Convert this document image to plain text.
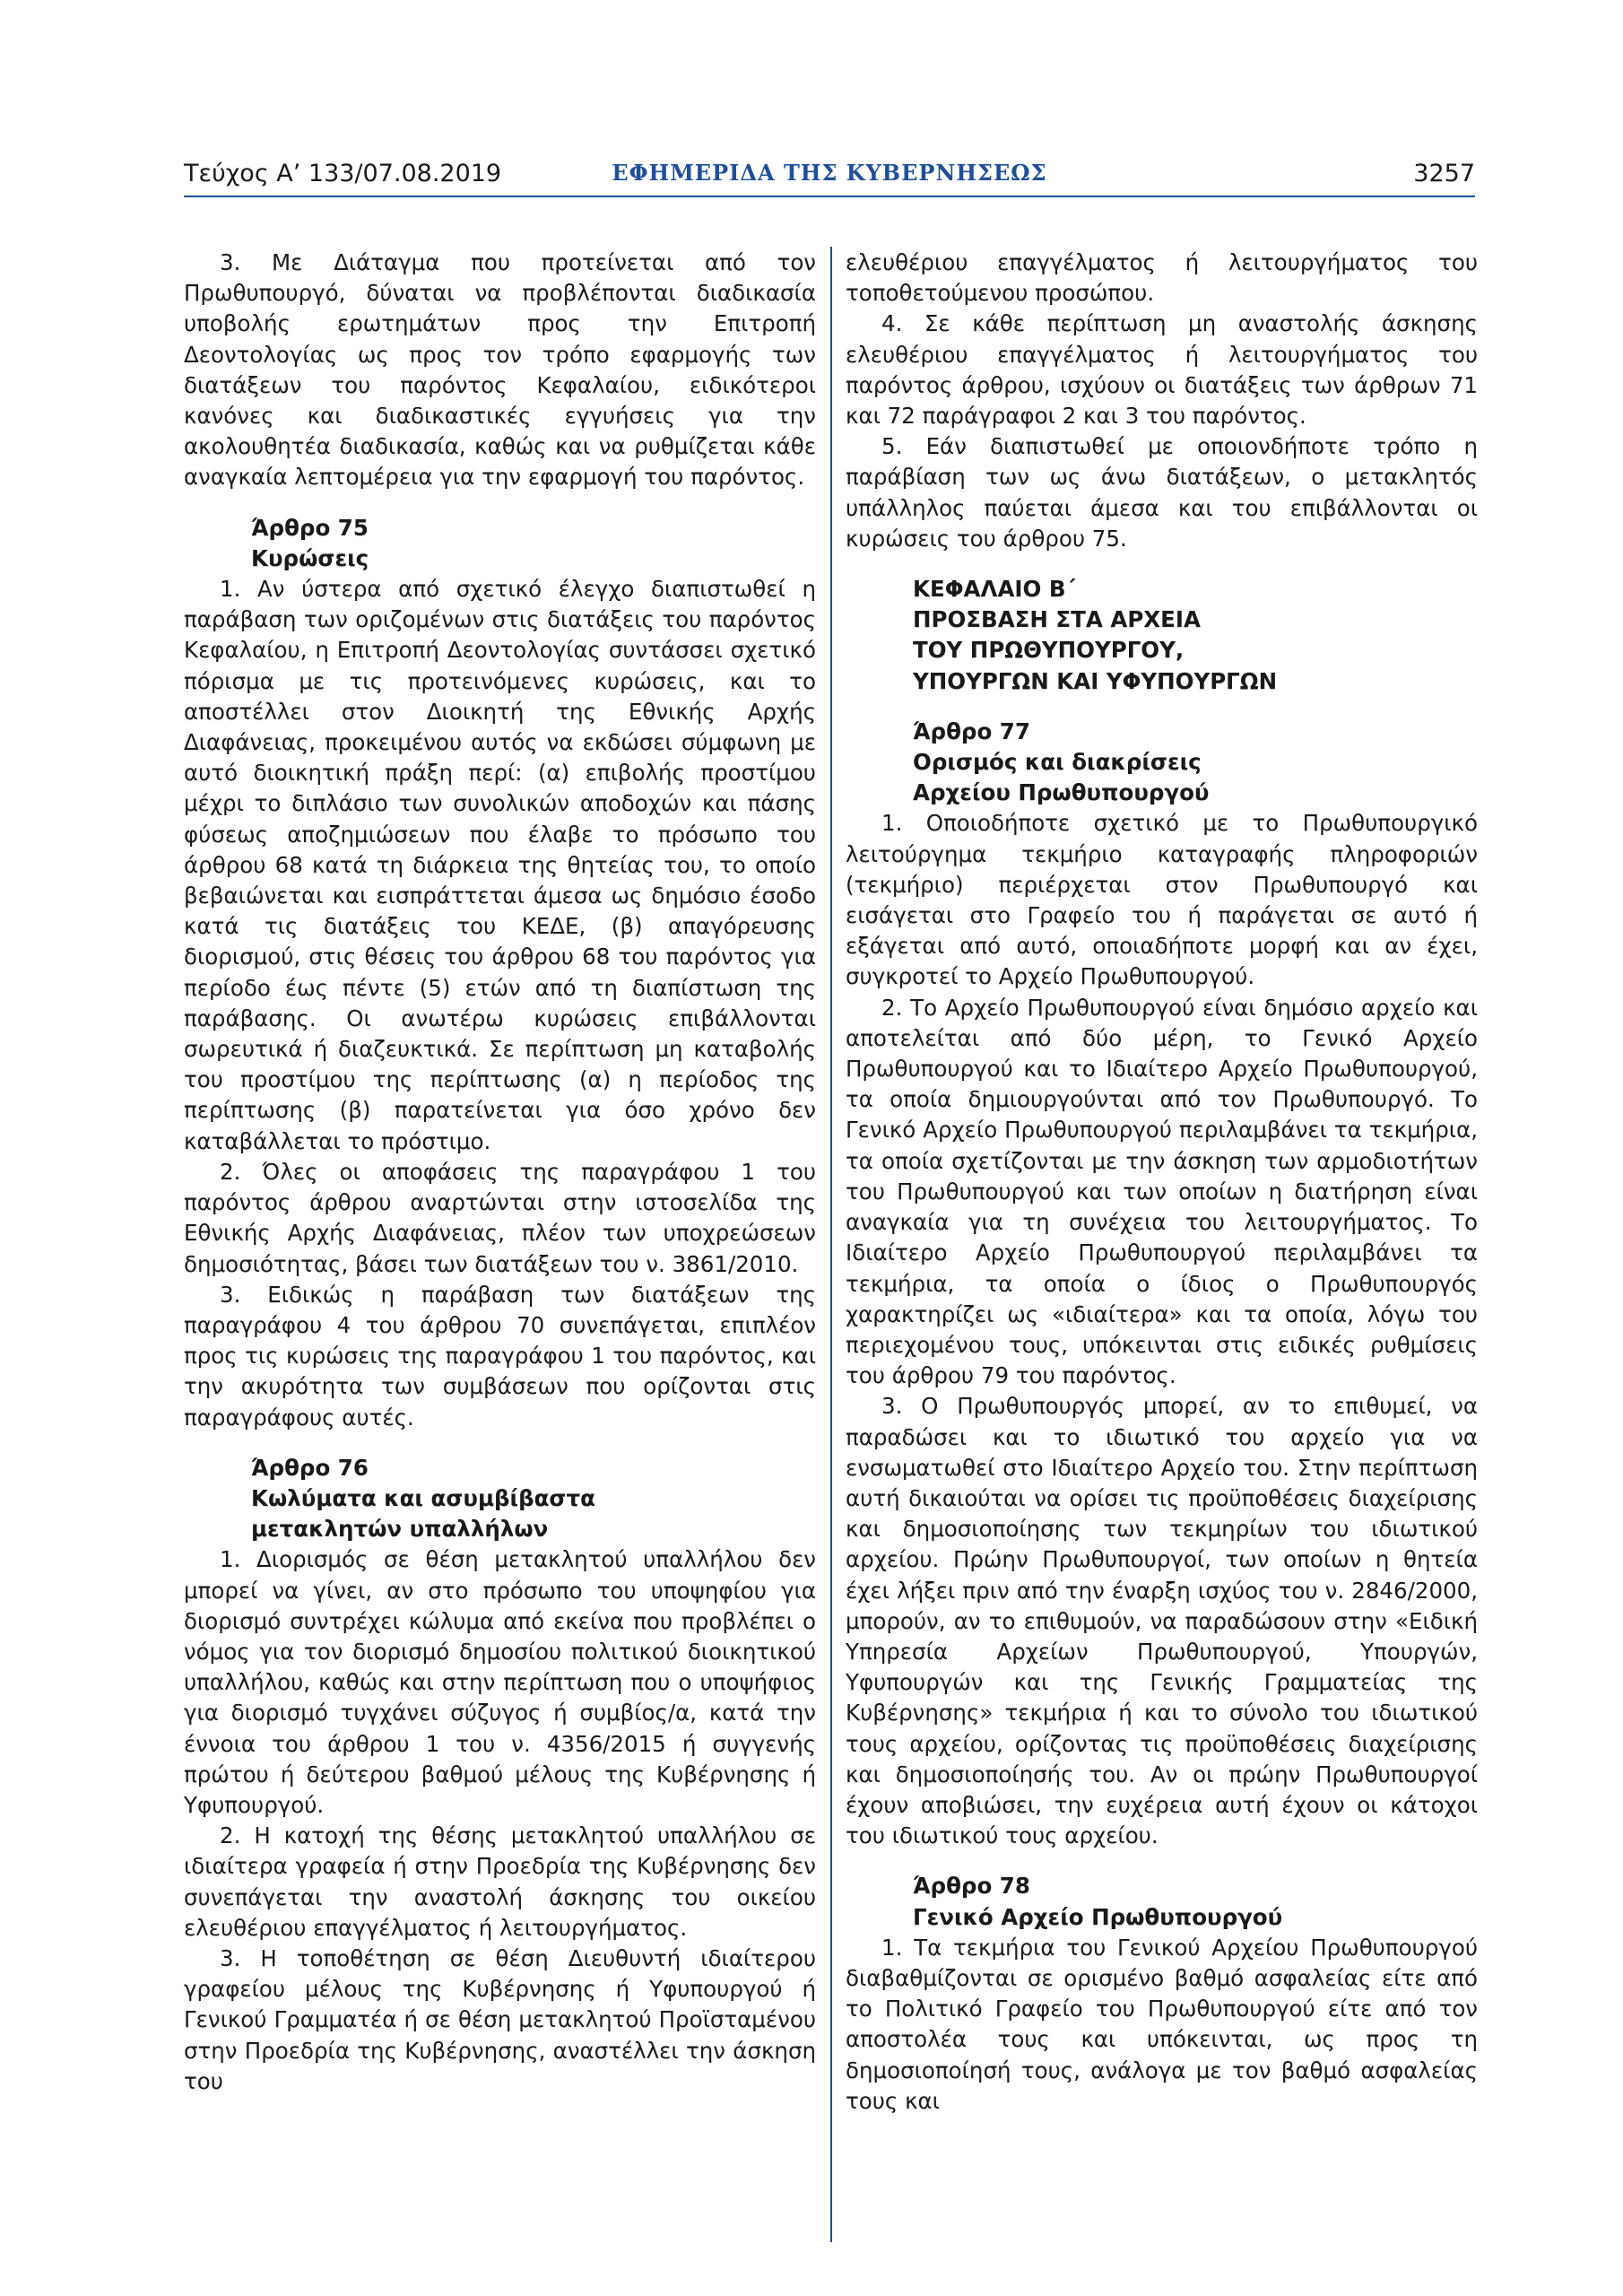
Τεύχος Α’ 133/07.08.2019	ΕΦΗΜΕΡΙΔΑ ΤΗΣ ΚΥΒΕΡΝΗΣΕΩΣ	3257

3. Με Διάταγμα που προτείνεται από τον Πρωθυπουργό, δύναται να προβλέπονται διαδικασία υποβολής ερωτημάτων προς την Επιτροπή Δεοντολογίας ως προς τον τρόπο εφαρμογής των διατάξεων του παρόντος Κεφαλαίου, ειδικότεροι κανόνες και διαδικαστικές εγγυήσεις για την ακολουθητέα διαδικασία, καθώς και να ρυθμίζεται κάθε αναγκαία λεπτομέρεια για την εφαρμογή του παρόντος.

Άρθρο 75
Κυρώσεις

1. Αν ύστερα από σχετικό έλεγχο διαπιστωθεί η παράβαση των οριζομένων στις διατάξεις του παρόντος Κεφαλαίου, η Επιτροπή Δεοντολογίας συντάσσει σχετικό πόρισμα με τις προτεινόμενες κυρώσεις, και το αποστέλλει στον Διοικητή της Εθνικής Αρχής Διαφάνειας, προκειμένου αυτός να εκδώσει σύμφωνη με αυτό διοικητική πράξη περί: (α) επιβολής προστίμου μέχρι το διπλάσιο των συνολικών αποδοχών και πάσης φύσεως αποζημιώσεων που έλαβε το πρόσωπο του άρθρου 68 κατά τη διάρκεια της θητείας του, το οποίο βεβαιώνεται και εισπράττεται άμεσα ως δημόσιο έσοδο κατά τις διατάξεις του ΚΕΔΕ, (β) απαγόρευσης διορισμού, στις θέσεις του άρθρου 68 του παρόντος για περίοδο έως πέντε (5) ετών από τη διαπίστωση της παράβασης. Οι ανωτέρω κυρώσεις επιβάλλονται σωρευτικά ή διαζευκτικά. Σε περίπτωση μη καταβολής του προστίμου της περίπτωσης (α) η περίοδος της περίπτωσης (β) παρατείνεται για όσο χρόνο δεν καταβάλλεται το πρόστιμο.

2. Όλες οι αποφάσεις της παραγράφου 1 του παρόντος άρθρου αναρτώνται στην ιστοσελίδα της Εθνικής Αρχής Διαφάνειας, πλέον των υποχρεώσεων δημοσιότητας, βάσει των διατάξεων του ν. 3861/2010.

3. Ειδικώς η παράβαση των διατάξεων της παραγράφου 4 του άρθρου 70 συνεπάγεται, επιπλέον προς τις κυρώσεις της παραγράφου 1 του παρόντος, και την ακυρότητα των συμβάσεων που ορίζονται στις παραγράφους αυτές.

Άρθρο 76
Κωλύματα και ασυμβίβαστα
μετακλητών υπαλλήλων

1. Διορισμός σε θέση μετακλητού υπαλλήλου δεν μπορεί να γίνει, αν στο πρόσωπο του υποψηφίου για διορισμό συντρέχει κώλυμα από εκείνα που προβλέπει ο νόμος για τον διορισμό δημοσίου πολιτικού διοικητικού υπαλλήλου, καθώς και στην περίπτωση που ο υποψήφιος για διορισμό τυγχάνει σύζυγος ή συμβίος/α, κατά την έννοια του άρθρου 1 του ν. 4356/2015 ή συγγενής πρώτου ή δεύτερου βαθμού μέλους της Κυβέρνησης ή Υφυπουργού.

2. Η κατοχή της θέσης μετακλητού υπαλλήλου σε ιδιαίτερα γραφεία ή στην Προεδρία της Κυβέρνησης δεν συνεπάγεται την αναστολή άσκησης του οικείου ελευθέριου επαγγέλματος ή λειτουργήματος.

3. Η τοποθέτηση σε θέση Διευθυντή ιδιαίτερου γραφείου μέλους της Κυβέρνησης ή Υφυπουργού ή Γενικού Γραμματέα ή σε θέση μετακλητού Προϊσταμένου στην Προεδρία της Κυβέρνησης, αναστέλλει την άσκηση του

ελευθέριου επαγγέλματος ή λειτουργήματος του τοποθετούμενου προσώπου.

4. Σε κάθε περίπτωση μη αναστολής άσκησης ελευθέριου επαγγέλματος ή λειτουργήματος του παρόντος άρθρου, ισχύουν οι διατάξεις των άρθρων 71 και 72 παράγραφοι 2 και 3 του παρόντος.

5. Εάν διαπιστωθεί με οποιονδήποτε τρόπο η παράβίαση των ως άνω διατάξεων, ο μετακλητός υπάλληλος παύεται άμεσα και του επιβάλλονται οι κυρώσεις του άρθρου 75.

ΚΕΦΑΛΑΙΟ Β΄
ΠΡΟΣΒΑΣΗ ΣΤΑ ΑΡΧΕΙΑ
ΤΟΥ ΠΡΩΘΥΠΟΥΡΓΟΥ,
ΥΠΟΥΡΓΩΝ ΚΑΙ ΥΦΥΠΟΥΡΓΩΝ
Άρθρο 77
Ορισμός και διακρίσεις
Αρχείου Πρωθυπουργού

1. Οποιοδήποτε σχετικό με το Πρωθυπουργικό λειτούργημα τεκμήριο καταγραφής πληροφοριών (τεκμήριο) περιέρχεται στον Πρωθυπουργό και εισάγεται στο Γραφείο του ή παράγεται σε αυτό ή εξάγεται από αυτό, οποιαδήποτε μορφή και αν έχει, συγκροτεί το Αρχείο Πρωθυπουργού.

2. Το Αρχείο Πρωθυπουργού είναι δημόσιο αρχείο και αποτελείται από δύο μέρη, το Γενικό Αρχείο Πρωθυπουργού και το Ιδιαίτερο Αρχείο Πρωθυπουργού, τα οποία δημιουργούνται από τον Πρωθυπουργό. Το Γενικό Αρχείο Πρωθυπουργού περιλαμβάνει τα τεκμήρια, τα οποία σχετίζονται με την άσκηση των αρμοδιοτήτων του Πρωθυπουργού και των οποίων η διατήρηση είναι αναγκαία για τη συνέχεια του λειτουργήματος. Το Ιδιαίτερο Αρχείο Πρωθυπουργού περιλαμβάνει τα τεκμήρια, τα οποία ο ίδιος ο Πρωθυπουργός χαρακτηρίζει ως «ιδιαίτερα» και τα οποία, λόγω του περιεχομένου τους, υπόκεινται στις ειδικές ρυθμίσεις του άρθρου 79 του παρόντος.

3. Ο Πρωθυπουργός μπορεί, αν το επιθυμεί, να παραδώσει και το ιδιωτικό του αρχείο για να ενσωματωθεί στο Ιδιαίτερο Αρχείο του. Στην περίπτωση αυτή δικαιούται να ορίσει τις προϋποθέσεις διαχείρισης και δημοσιοποίησης των τεκμηρίων του ιδιωτικού αρχείου. Πρώην Πρωθυπουργοί, των οποίων η θητεία έχει λήξει πριν από την έναρξη ισχύος του ν. 2846/2000, μπορούν, αν το επιθυμούν, να παραδώσουν στην «Ειδική Υπηρεσία Αρχείων Πρωθυπουργού, Υπουργών, Υφυπουργών και της Γενικής Γραμματείας της Κυβέρνησης» τεκμήρια ή και το σύνολο του ιδιωτικού τους αρχείου, ορίζοντας τις προϋποθέσεις διαχείρισης και δημοσιοποίησής του. Αν οι πρώην Πρωθυπουργοί έχουν αποβιώσει, την ευχέρεια αυτή έχουν οι κάτοχοι του ιδιωτικού τους αρχείου.

Άρθρο 78
Γενικό Αρχείο Πρωθυπουργού

1. Τα τεκμήρια του Γενικού Αρχείου Πρωθυπουργού διαβαθμίζονται σε ορισμένο βαθμό ασφαλείας είτε από το Πολιτικό Γραφείο του Πρωθυπουργού είτε από τον αποστολέα τους και υπόκεινται, ως προς τη δημοσιοποίησή τους, ανάλογα με τον βαθμό ασφαλείας τους και
